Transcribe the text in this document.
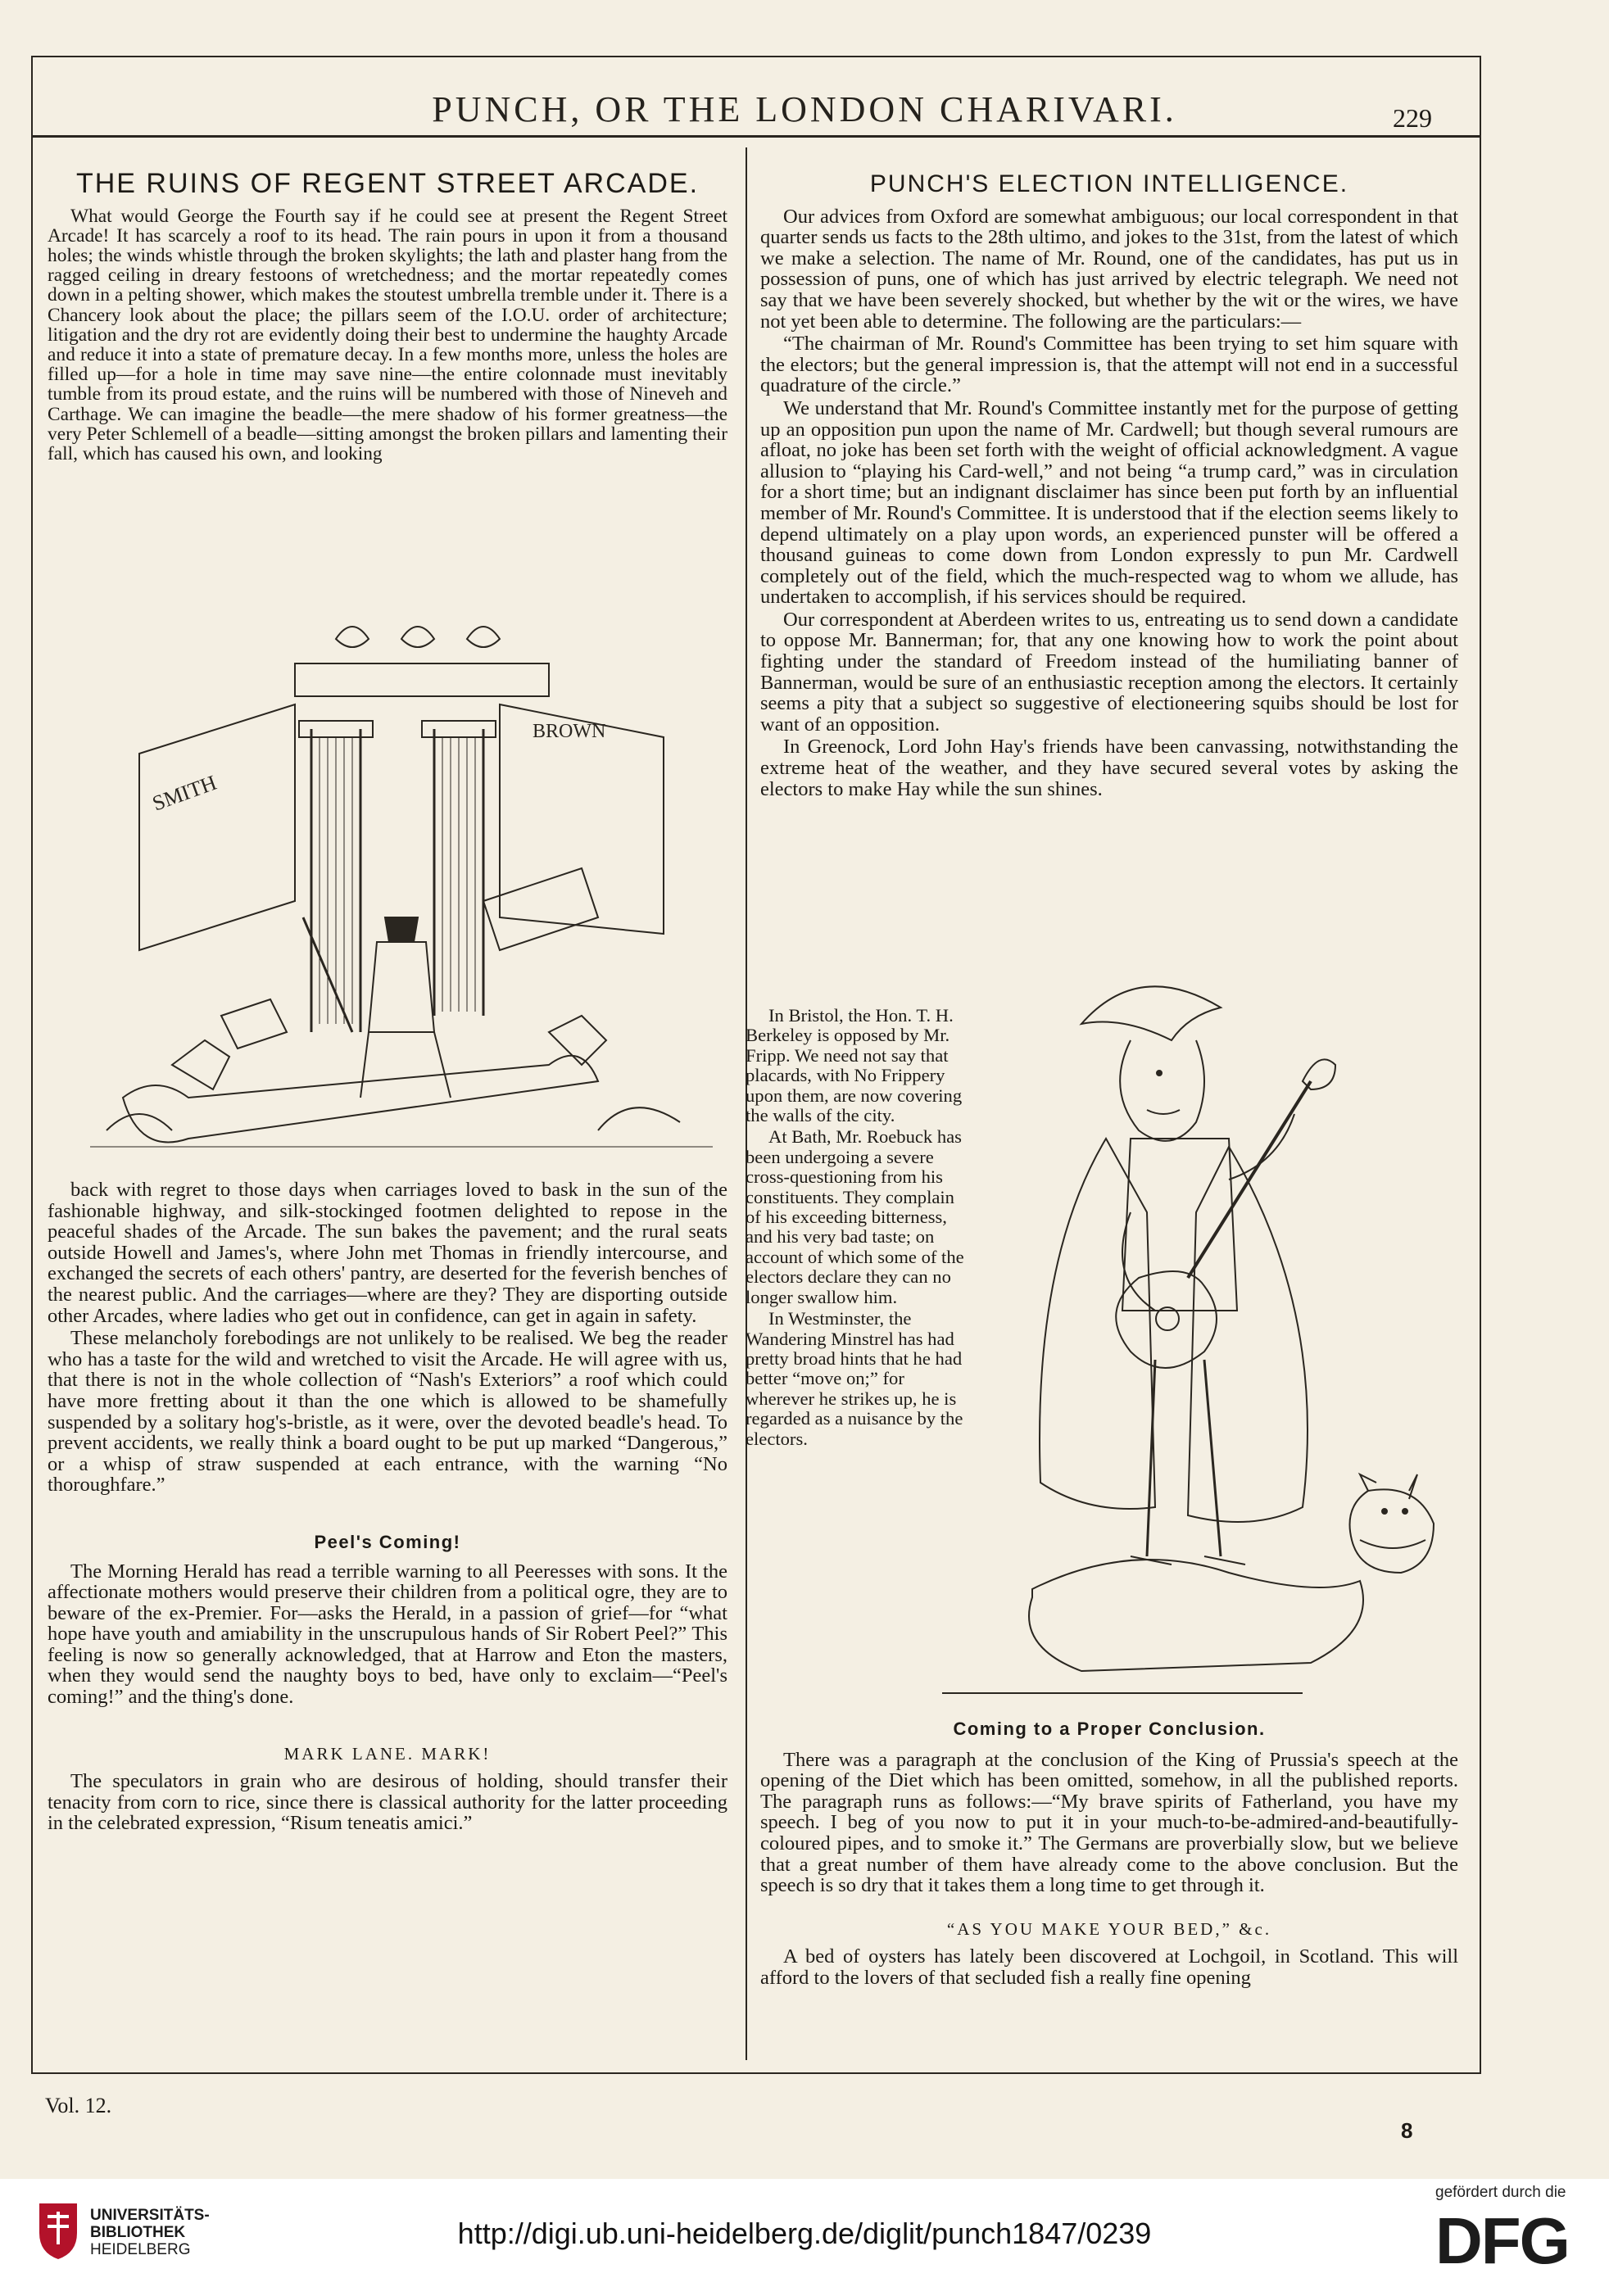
PUNCH, OR THE LONDON CHARIVARI.	229
THE RUINS OF REGENT STREET ARCADE.

What would George the Fourth say if he could see at present the Regent Street Arcade! It has scarcely a roof to its head. The rain pours in upon it from a thousand holes; the winds whistle through the broken skylights; the lath and plaster hang from the ragged ceiling in dreary festoons of wretchedness; and the mortar repeatedly comes down in a pelting shower, which makes the stoutest umbrella tremble under it. There is a Chancery look about the place; the pillars seem of the I.O.U. order of architecture; litigation and the dry rot are evidently doing their best to undermine the haughty Arcade and reduce it into a state of premature decay. In a few months more, unless the holes are filled up—for a hole in time may save nine—the entire colonnade must inevitably tumble from its proud estate, and the ruins will be numbered with those of Nineveh and Carthage. We can imagine the beadle—the mere shadow of his former greatness—the very Peter Schlemell of a beadle—sitting amongst the broken pillars and lamenting their fall, which has caused his own, and looking

SMITH
BROWN

back with regret to those days when carriages loved to bask in the sun of the fashionable highway, and silk-stockinged footmen delighted to repose in the peaceful shades of the Arcade. The sun bakes the pavement; and the rural seats outside Howell and James's, where John met Thomas in friendly intercourse, and exchanged the secrets of each others' pantry, are deserted for the feverish benches of the nearest public. And the carriages—where are they? They are disporting outside other Arcades, where ladies who get out in confidence, can get in again in safety.

These melancholy forebodings are not unlikely to be realised. We beg the reader who has a taste for the wild and wretched to visit the Arcade. He will agree with us, that there is not in the whole collection of “Nash's Exteriors” a roof which could have more fretting about it than the one which is allowed to be shamefully suspended by a solitary hog's-bristle, as it were, over the devoted beadle's head. To prevent accidents, we really think a board ought to be put up marked “Dangerous,” or a whisp of straw suspended at each entrance, with the warning “No thoroughfare.”

Peel's Coming!

The Morning Herald has read a terrible warning to all Peeresses with sons. It the affectionate mothers would preserve their children from a political ogre, they are to beware of the ex-Premier. For—asks the Herald, in a passion of grief—for “what hope have youth and amiability in the unscrupulous hands of Sir Robert Peel?” This feeling is now so generally acknowledged, that at Harrow and Eton the masters, when they would send the naughty boys to bed, have only to exclaim—“Peel's coming!” and the thing's done.

MARK LANE. MARK!

The speculators in grain who are desirous of holding, should transfer their tenacity from corn to rice, since there is classical authority for the latter proceeding in the celebrated expression, “Risum teneatis amici.”

PUNCH'S ELECTION INTELLIGENCE.

Our advices from Oxford are somewhat ambiguous; our local correspondent in that quarter sends us facts to the 28th ultimo, and jokes to the 31st, from the latest of which we make a selection. The name of Mr. Round, one of the candidates, has put us in possession of puns, one of which has just arrived by electric telegraph. We need not say that we have been severely shocked, but whether by the wit or the wires, we have not yet been able to determine. The following are the particulars:—

“The chairman of Mr. Round's Committee has been trying to set him square with the electors; but the general impression is, that the attempt will not end in a successful quadrature of the circle.”

We understand that Mr. Round's Committee instantly met for the purpose of getting up an opposition pun upon the name of Mr. Cardwell; but though several rumours are afloat, no joke has been set forth with the weight of official acknowledgment. A vague allusion to “playing his Card-well,” and not being “a trump card,” was in circulation for a short time; but an indignant disclaimer has since been put forth by an influential member of Mr. Round's Committee. It is understood that if the election seems likely to depend ultimately on a play upon words, an experienced punster will be offered a thousand guineas to come down from London expressly to pun Mr. Cardwell completely out of the field, which the much-respected wag to whom we allude, has undertaken to accomplish, if his services should be required.

Our correspondent at Aberdeen writes to us, entreating us to send down a candidate to oppose Mr. Bannerman; for, that any one knowing how to work the point about fighting under the standard of Freedom instead of the humiliating banner of Bannerman, would be sure of an enthusiastic reception among the electors. It certainly seems a pity that a subject so suggestive of electioneering squibs should be lost for want of an opposition.

In Greenock, Lord John Hay's friends have been canvassing, notwithstanding the extreme heat of the weather, and they have secured several votes by asking the electors to make Hay while the sun shines.

In Bristol, the Hon. T. H. Berkeley is opposed by Mr. Fripp. We need not say that placards, with No Frippery upon them, are now covering the walls of the city.

At Bath, Mr. Roebuck has been undergoing a severe cross-questioning from his constituents. They complain of his exceeding bitterness, and his very bad taste; on account of which some of the electors declare they can no longer swallow him.

In Westminster, the Wandering Minstrel has had pretty broad hints that he had better “move on;” for wherever he strikes up, he is regarded as a nuisance by the electors.

Coming to a Proper Conclusion.

There was a paragraph at the conclusion of the King of Prussia's speech at the opening of the Diet which has been omitted, somehow, in all the published reports. The paragraph runs as follows:—“My brave spirits of Fatherland, you have my speech. I beg of you now to put it in your much-to-be-admired-and-beautifully-coloured pipes, and to smoke it.” The Germans are proverbially slow, but we believe that a great number of them have already come to the above conclusion. But the speech is so dry that it takes them a long time to get through it.

“AS YOU MAKE YOUR BED,” &c.

A bed of oysters has lately been discovered at Lochgoil, in Scotland. This will afford to the lovers of that secluded fish a really fine opening

Vol. 12.
8
UNIVERSITÄTS-
BIBLIOTHEK
HEIDELBERG	http://digi.ub.uni-heidelberg.de/diglit/punch1847/0239
gefördert durch die
DFG
